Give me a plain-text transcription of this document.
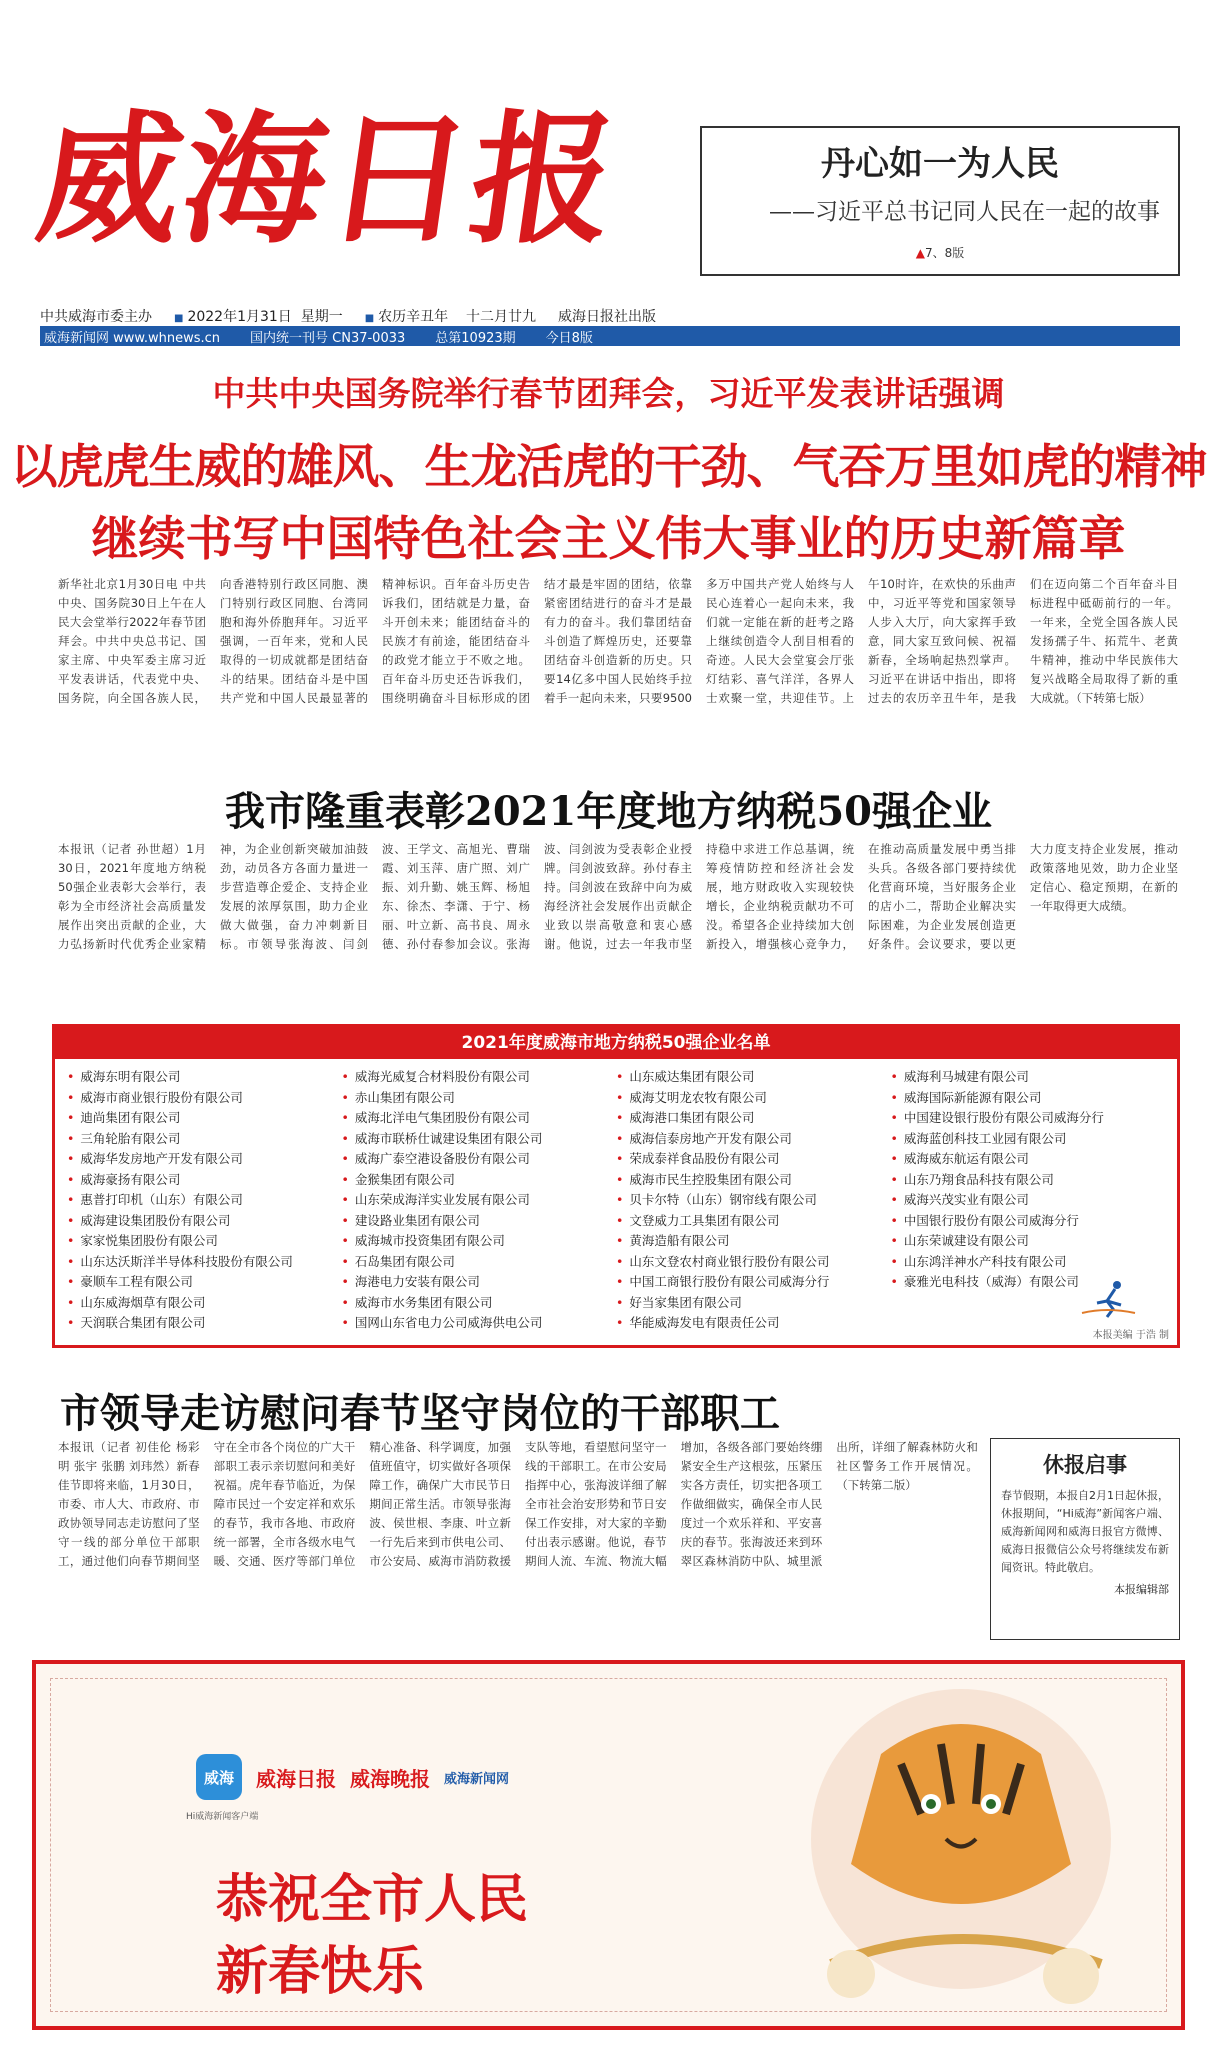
威海日报	丹心如一为人民
——习近平总书记同人民在一起的故事
▲7、8版
中共威海市委主办	■ 2022年1月31日 星期一	■ 农历辛丑年 十二月廿九 威海日报社出版
威海新闻网 www.whnews.cn 国内统一刊号 CN37-0033 总第10923期 今日8版
中共中央国务院举行春节团拜会，习近平发表讲话强调
以虎虎生威的雄风、生龙活虎的干劲、气吞万里如虎的精神
继续书写中国特色社会主义伟大事业的历史新篇章
新华社北京1月30日电 中共中央、国务院30日上午在人民大会堂举行2022年春节团拜会。中共中央总书记、国家主席、中央军委主席习近平发表讲话，代表党中央、国务院，向全国各族人民，向香港特别行政区同胞、澳门特别行政区同胞、台湾同胞和海外侨胞拜年。习近平强调，一百年来，党和人民取得的一切成就都是团结奋斗的结果。团结奋斗是中国共产党和中国人民最显著的精神标识。百年奋斗历史告诉我们，团结就是力量，奋斗开创未来；能团结奋斗的民族才有前途，能团结奋斗的政党才能立于不败之地。百年奋斗历史还告诉我们，围绕明确奋斗目标形成的团结才最是牢固的团结，依靠紧密团结进行的奋斗才是最有力的奋斗。我们靠团结奋斗创造了辉煌历史，还要靠团结奋斗创造新的历史。只要14亿多中国人民始终手拉着手一起向未来，只要9500多万中国共产党人始终与人民心连着心一起向未来，我们就一定能在新的赶考之路上继续创造令人刮目相看的奇迹。人民大会堂宴会厅张灯结彩、喜气洋洋，各界人士欢聚一堂，共迎佳节。上午10时许，在欢快的乐曲声中，习近平等党和国家领导人步入大厅，向大家挥手致意，同大家互致问候、祝福新春，全场响起热烈掌声。习近平在讲话中指出，即将过去的农历辛丑牛年，是我们在迈向第二个百年奋斗目标进程中砥砺前行的一年。一年来，全党全国各族人民发扬孺子牛、拓荒牛、老黄牛精神，推动中华民族伟大复兴战略全局取得了新的重大成就。（下转第七版）
我市隆重表彰2021年度地方纳税50强企业
本报讯（记者 孙世超）1月30日，2021年度地方纳税50强企业表彰大会举行，表彰为全市经济社会高质量发展作出突出贡献的企业，大力弘扬新时代优秀企业家精神，为企业创新突破加油鼓劲，动员各方各面力量进一步营造尊企爱企、支持企业发展的浓厚氛围，助力企业做大做强，奋力冲刺新目标。市领导张海波、闫剑波、王学文、高旭光、曹瑞霞、刘玉萍、唐广照、刘广振、刘升勤、姚玉辉、杨旭东、徐杰、李潇、于宁、杨丽、叶立新、高书良、周永德、孙付春参加会议。张海波、闫剑波为受表彰企业授牌。闫剑波致辞。孙付春主持。闫剑波在致辞中向为威海经济社会发展作出贡献企业致以崇高敬意和衷心感谢。他说，过去一年我市坚持稳中求进工作总基调，统筹疫情防控和经济社会发展，地方财政收入实现较快增长，企业纳税贡献功不可没。希望各企业持续加大创新投入，增强核心竞争力，在推动高质量发展中勇当排头兵。各级各部门要持续优化营商环境，当好服务企业的店小二，帮助企业解决实际困难，为企业发展创造更好条件。会议要求，要以更大力度支持企业发展，推动政策落地见效，助力企业坚定信心、稳定预期，在新的一年取得更大成绩。
2021年度威海市地方纳税50强企业名单
• 威海东明有限公司
• 威海市商业银行股份有限公司
• 迪尚集团有限公司
• 三角轮胎有限公司
• 威海华发房地产开发有限公司
• 威海豪扬有限公司
• 惠普打印机（山东）有限公司
• 威海建设集团股份有限公司
• 家家悦集团股份有限公司
• 山东达沃斯洋半导体科技股份有限公司
• 豪顺车工程有限公司
• 山东威海烟草有限公司
• 天润联合集团有限公司
• 威海光威复合材料股份有限公司
• 赤山集团有限公司
• 威海北洋电气集团股份有限公司
• 威海市联桥仕诚建设集团有限公司
• 威海广泰空港设备股份有限公司
• 金猴集团有限公司
• 山东荣成海洋实业发展有限公司
• 建设路业集团有限公司
• 威海城市投资集团有限公司
• 石岛集团有限公司
• 海港电力安装有限公司
• 威海市水务集团有限公司
• 国网山东省电力公司威海供电公司
• 山东威达集团有限公司
• 威海艾明龙农牧有限公司
• 威海港口集团有限公司
• 威海信泰房地产开发有限公司
• 荣成泰祥食品股份有限公司
• 威海市民生控股集团有限公司
• 贝卡尔特（山东）钢帘线有限公司
• 文登威力工具集团有限公司
• 黄海造船有限公司
• 山东文登农村商业银行股份有限公司
• 中国工商银行股份有限公司威海分行
• 好当家集团有限公司
• 华能威海发电有限责任公司
• 威海利马城建有限公司
• 威海国际新能源有限公司
• 中国建设银行股份有限公司威海分行
• 威海蓝创科技工业园有限公司
• 威海威东航运有限公司
• 山东乃翔食品科技有限公司
• 威海兴茂实业有限公司
• 中国银行股份有限公司威海分行
• 山东荣诚建设有限公司
• 山东鸿洋神水产科技有限公司
• 豪雅光电科技（威海）有限公司
本报美编 于浩 制
市领导走访慰问春节坚守岗位的干部职工
本报讯（记者 初佳伦 杨彩明 张宇 张鹏 刘玮然）新春佳节即将来临，1月30日，市委、市人大、市政府、市政协领导同志走访慰问了坚守一线的部分单位干部职工，通过他们向春节期间坚守在全市各个岗位的广大干部职工表示亲切慰问和美好祝福。虎年春节临近，为保障市民过一个安定祥和欢乐的春节，我市各地、市政府统一部署，全市各级水电气暖、交通、医疗等部门单位精心准备、科学调度，加强值班值守，切实做好各项保障工作，确保广大市民节日期间正常生活。市领导张海波、侯世根、李康、叶立新一行先后来到市供电公司、市公安局、威海市消防救援支队等地，看望慰问坚守一线的干部职工。在市公安局指挥中心，张海波详细了解全市社会治安形势和节日安保工作安排，对大家的辛勤付出表示感谢。他说，春节期间人流、车流、物流大幅增加，各级各部门要始终绷紧安全生产这根弦，压紧压实各方责任，切实把各项工作做细做实，确保全市人民度过一个欢乐祥和、平安喜庆的春节。张海波还来到环翠区森林消防中队、城里派出所，详细了解森林防火和社区警务工作开展情况。（下转第二版）
休报启事
春节假期，本报自2月1日起休报，休报期间，“Hi威海”新闻客户端、威海新闻网和威海日报官方微博、威海日报微信公众号将继续发布新闻资讯。特此敬启。
本报编辑部
威海	威海日报 威海晚报 威海新闻网
Hi威海新闻客户端
恭祝全市人民
新春快乐
